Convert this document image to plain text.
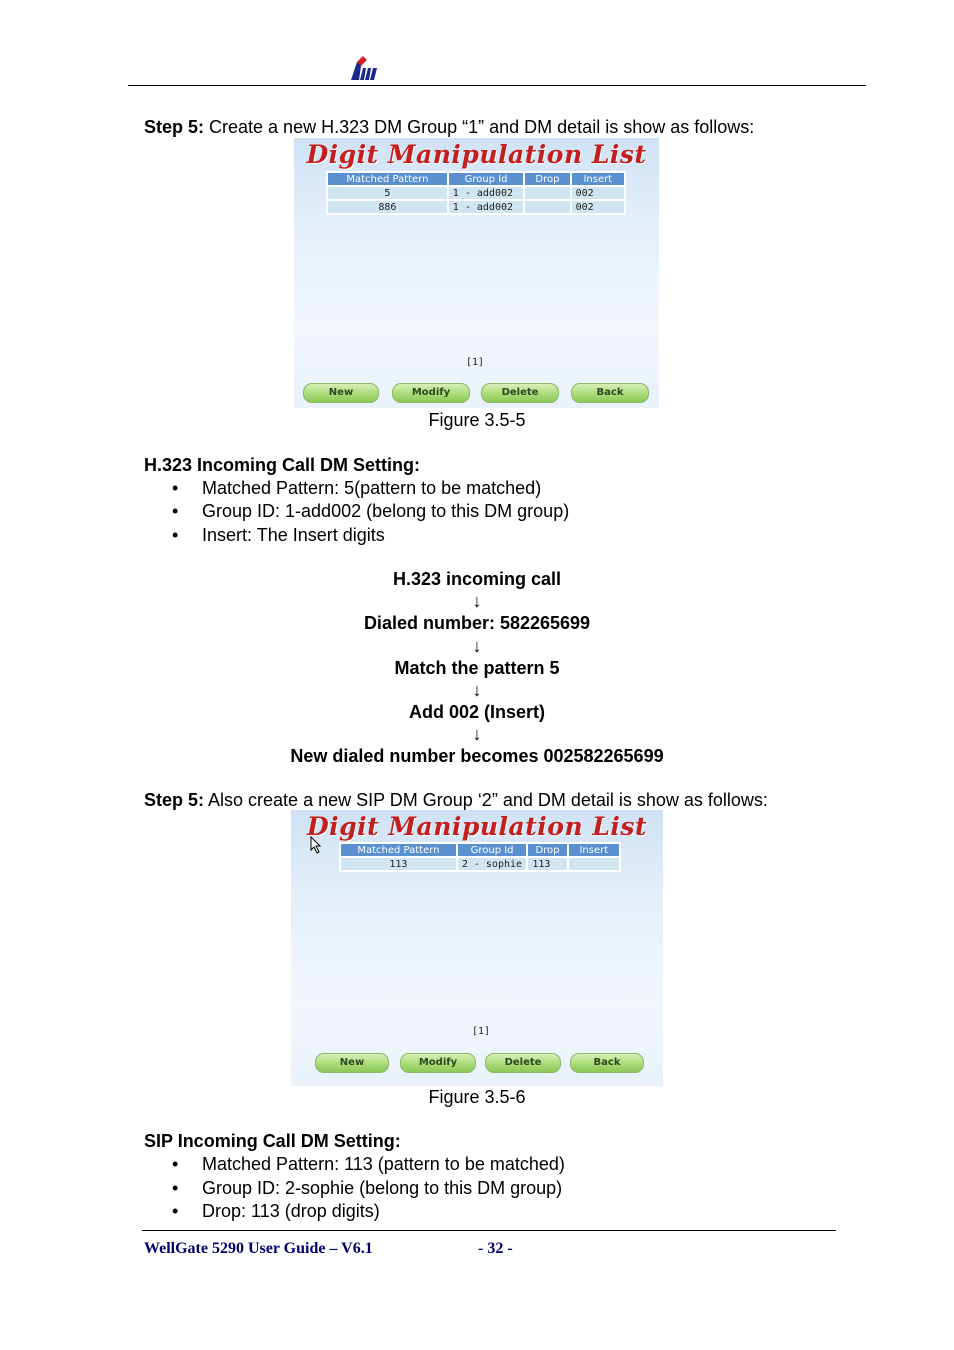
Step 5: Create a new H.323 DM Group “1” and DM detail is show as follows:
Digit Manipulation List
Matched Pattern	Group Id	Drop	Insert
5	1 - add002		002
886	1 - add002		002
[1]
New	Modify	Delete	Back
Figure 3.5-5
H.323 Incoming Call DM Setting:
• Matched Pattern: 5(pattern to be matched)
• Group ID: 1-add002 (belong to this DM group)
• Insert: The Insert digits
H.323 incoming call
↓
Dialed number: 582265699
↓
Match the pattern 5
↓
Add 002 (Insert)
↓
New dialed number becomes 002582265699
Step 5: Also create a new SIP DM Group ‘2” and DM detail is show as follows:
Digit Manipulation List
Matched Pattern	Group Id	Drop	Insert
113	2 - sophie	113	
[1]
New	Modify	Delete	Back
Figure 3.5-6
SIP Incoming Call DM Setting:
• Matched Pattern: 113 (pattern to be matched)
• Group ID: 2-sophie (belong to this DM group)
• Drop: 113 (drop digits)
WellGate 5290 User Guide – V6.1	- 32 -
